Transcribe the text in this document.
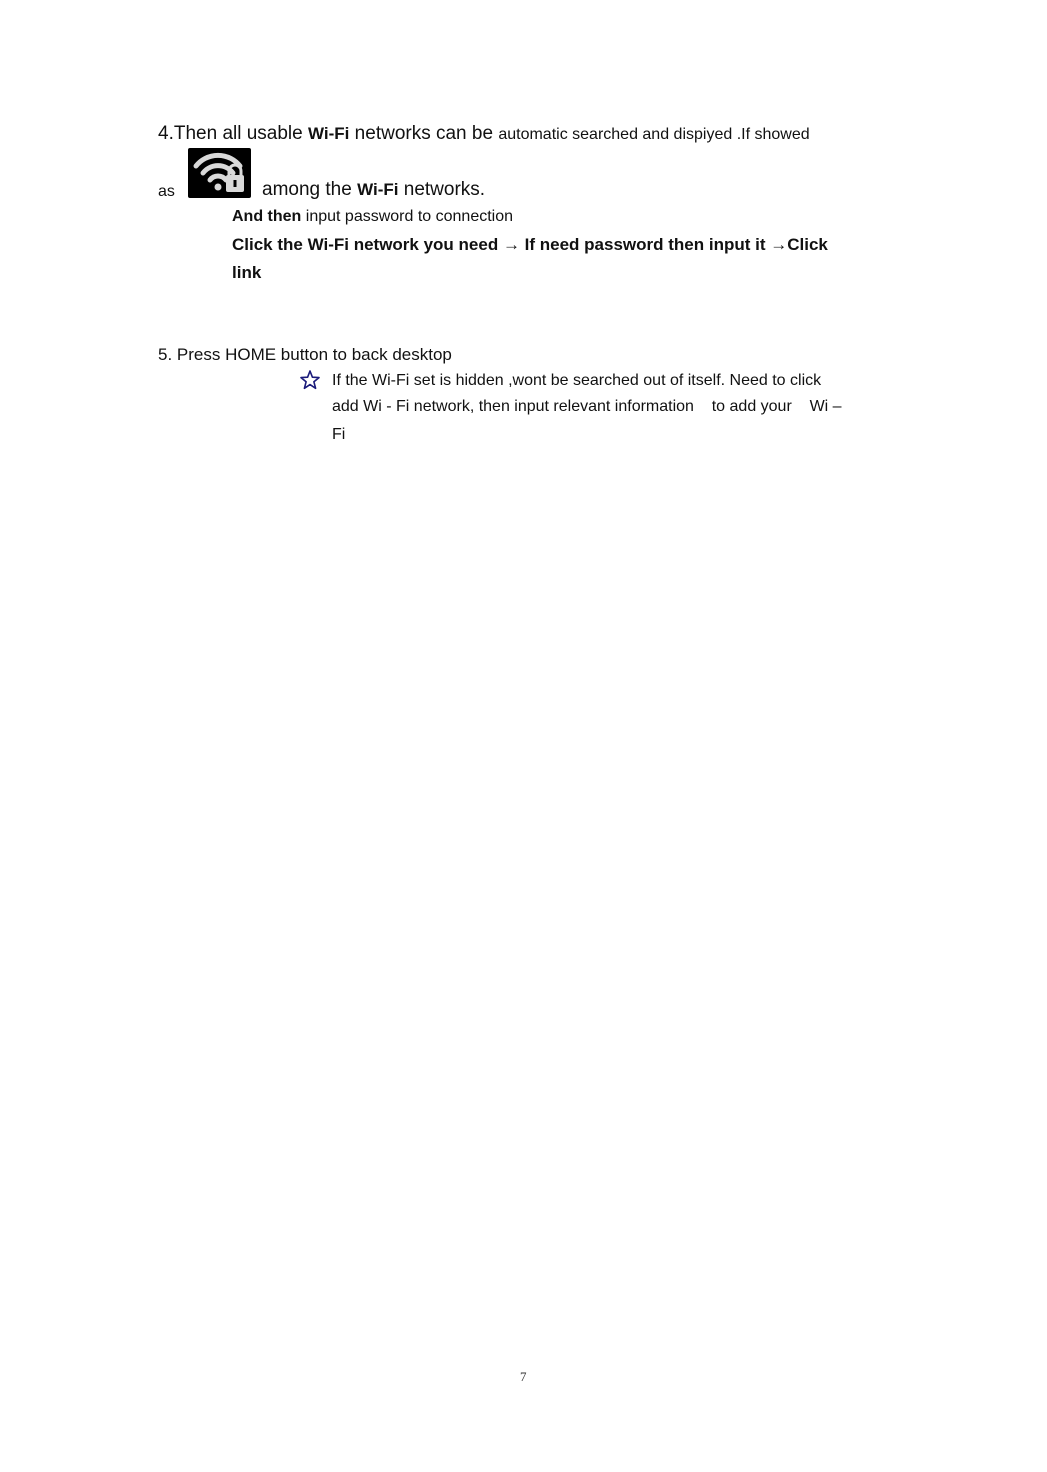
4.Then all usable Wi-Fi networks can be automatic searched and dispiyed .If showed
as	among the Wi-Fi networks.
And then input password to connection
Click the Wi-Fi network you need → If need password then input it →Click
link
5. Press HOME button to back desktop
If the Wi-Fi set is hidden ,wont be searched out of itself. Need to click
add Wi - Fi network, then input relevant information    to add your    Wi –
Fi
7
